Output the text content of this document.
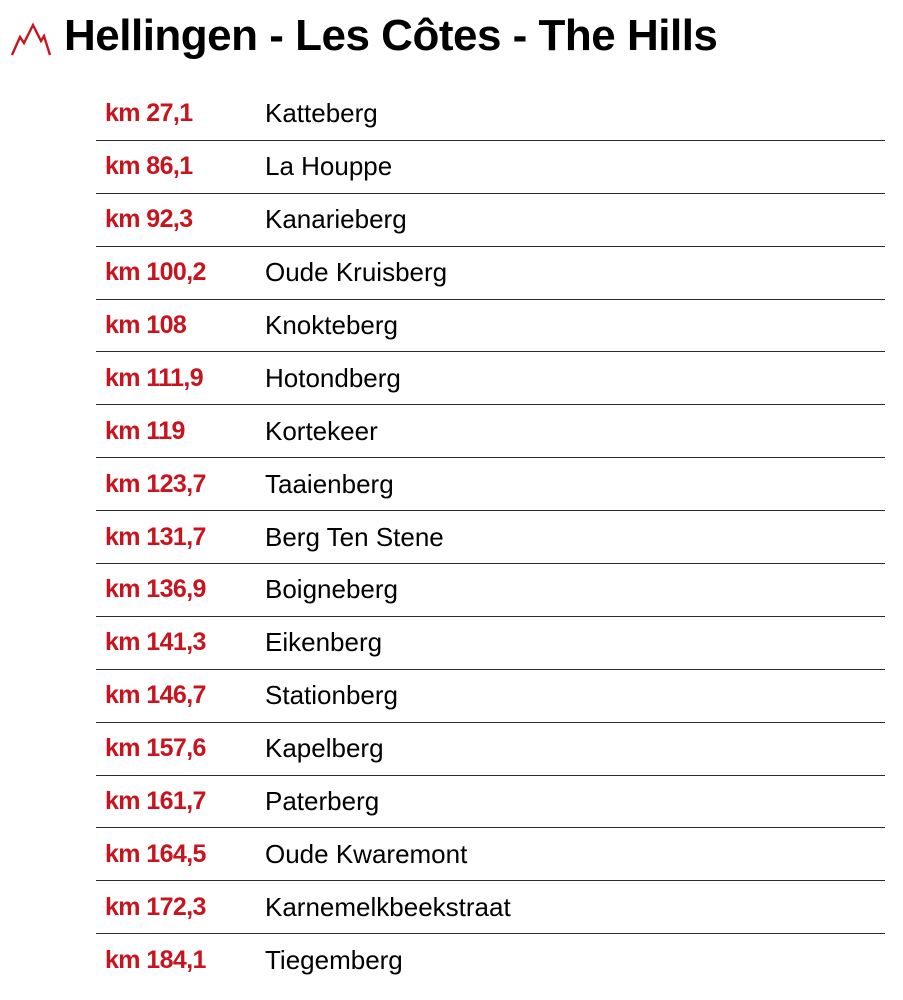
Hellingen - Les Côtes - The Hills
km 27,1	Katteberg
km 86,1	La Houppe
km 92,3	Kanarieberg
km 100,2	Oude Kruisberg
km 108	Knokteberg
km 111,9	Hotondberg
km 119	Kortekeer
km 123,7	Taaienberg
km 131,7	Berg Ten Stene
km 136,9	Boigneberg
km 141,3	Eikenberg
km 146,7	Stationberg
km 157,6	Kapelberg
km 161,7	Paterberg
km 164,5	Oude Kwaremont
km 172,3	Karnemelkbeekstraat
km 184,1	Tiegemberg
